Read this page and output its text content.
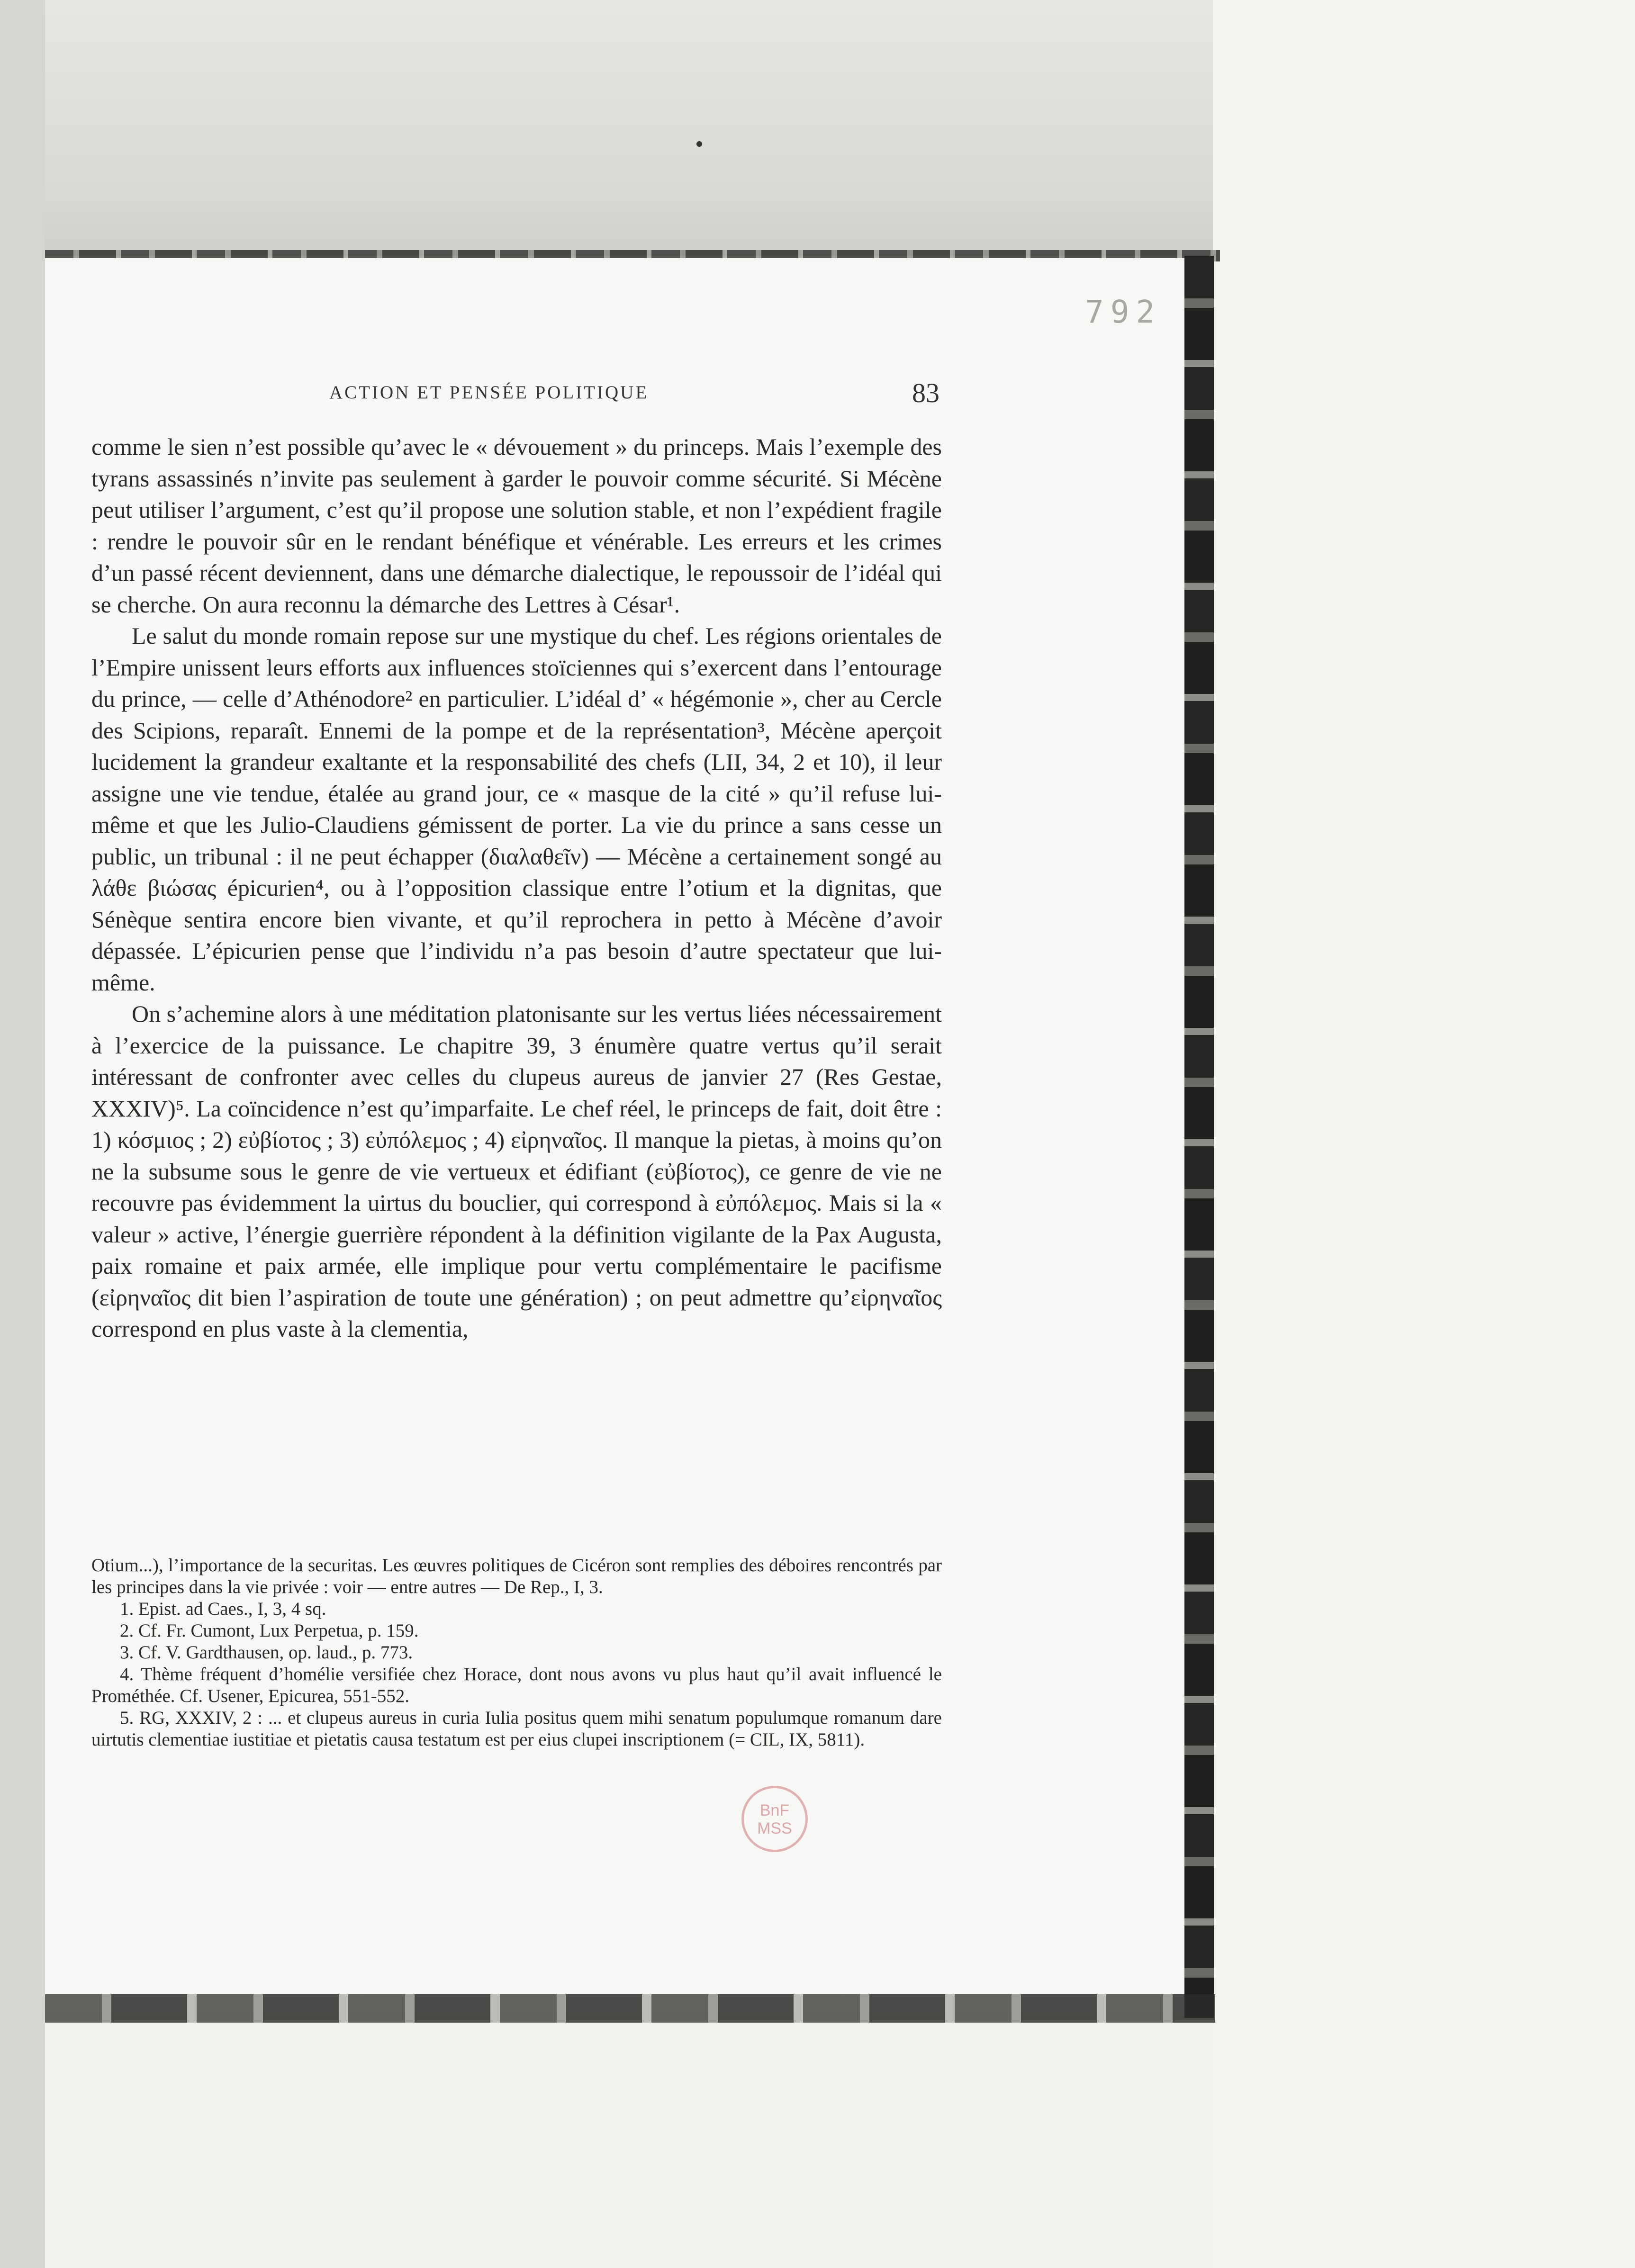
792
ACTION ET PENSÉE POLITIQUE	83

comme le sien n’est possible qu’avec le « dévouement » du princeps. Mais l’exemple des tyrans assassinés n’invite pas seulement à garder le pouvoir comme sécurité. Si Mécène peut utiliser l’argument, c’est qu’il propose une solution stable, et non l’expédient fragile : rendre le pouvoir sûr en le rendant bénéfique et vénérable. Les erreurs et les crimes d’un passé récent deviennent, dans une démarche dialectique, le repoussoir de l’idéal qui se cherche. On aura reconnu la démarche des Lettres à César¹.

Le salut du monde romain repose sur une mystique du chef. Les régions orientales de l’Empire unissent leurs efforts aux influences stoïciennes qui s’exercent dans l’entourage du prince, — celle d’Athénodore² en particulier. L’idéal d’ « hégémonie », cher au Cercle des Scipions, reparaît. Ennemi de la pompe et de la représentation³, Mécène aperçoit lucidement la grandeur exaltante et la responsabilité des chefs (LII, 34, 2 et 10), il leur assigne une vie tendue, étalée au grand jour, ce « masque de la cité » qu’il refuse lui-même et que les Julio-Claudiens gémissent de porter. La vie du prince a sans cesse un public, un tribunal : il ne peut échapper (διαλαθεῖν) — Mécène a certainement songé au λάθε βιώσας épicurien⁴, ou à l’opposition classique entre l’otium et la dignitas, que Sénèque sentira encore bien vivante, et qu’il reprochera in petto à Mécène d’avoir dépassée. L’épicurien pense que l’individu n’a pas besoin d’autre spectateur que lui-même.

On s’achemine alors à une méditation platonisante sur les vertus liées nécessairement à l’exercice de la puissance. Le chapitre 39, 3 énumère quatre vertus qu’il serait intéressant de confronter avec celles du clupeus aureus de janvier 27 (Res Gestae, XXXIV)⁵. La coïncidence n’est qu’imparfaite. Le chef réel, le princeps de fait, doit être : 1) κόσμιος ; 2) εὐβίοτος ; 3) εὐπόλεμος ; 4) εἰρηναῖος. Il manque la pietas, à moins qu’on ne la subsume sous le genre de vie vertueux et édifiant (εὐβίοτος), ce genre de vie ne recouvre pas évidemment la uirtus du bouclier, qui correspond à εὐπόλεμος. Mais si la « valeur » active, l’énergie guerrière répondent à la définition vigilante de la Pax Augusta, paix romaine et paix armée, elle implique pour vertu complémentaire le pacifisme (εἰρηναῖος dit bien l’aspiration de toute une génération) ; on peut admettre qu’εἰρηναῖος correspond en plus vaste à la clementia,

Otium...), l’importance de la securitas. Les œuvres politiques de Cicéron sont remplies des déboires rencontrés par les principes dans la vie privée : voir — entre autres — De Rep., I, 3.

1. Epist. ad Caes., I, 3, 4 sq.

2. Cf. Fr. Cumont, Lux Perpetua, p. 159.

3. Cf. V. Gardthausen, op. laud., p. 773.

4. Thème fréquent d’homélie versifiée chez Horace, dont nous avons vu plus haut qu’il avait influencé le Prométhée. Cf. Usener, Epicurea, 551-552.

5. RG, XXXIV, 2 : ... et clupeus aureus in curia Iulia positus quem mihi senatum populumque romanum dare uirtutis clementiae iustitiae et pietatis causa testatum est per eius clupei inscriptionem (= CIL, IX, 5811).

BnF
MSS
